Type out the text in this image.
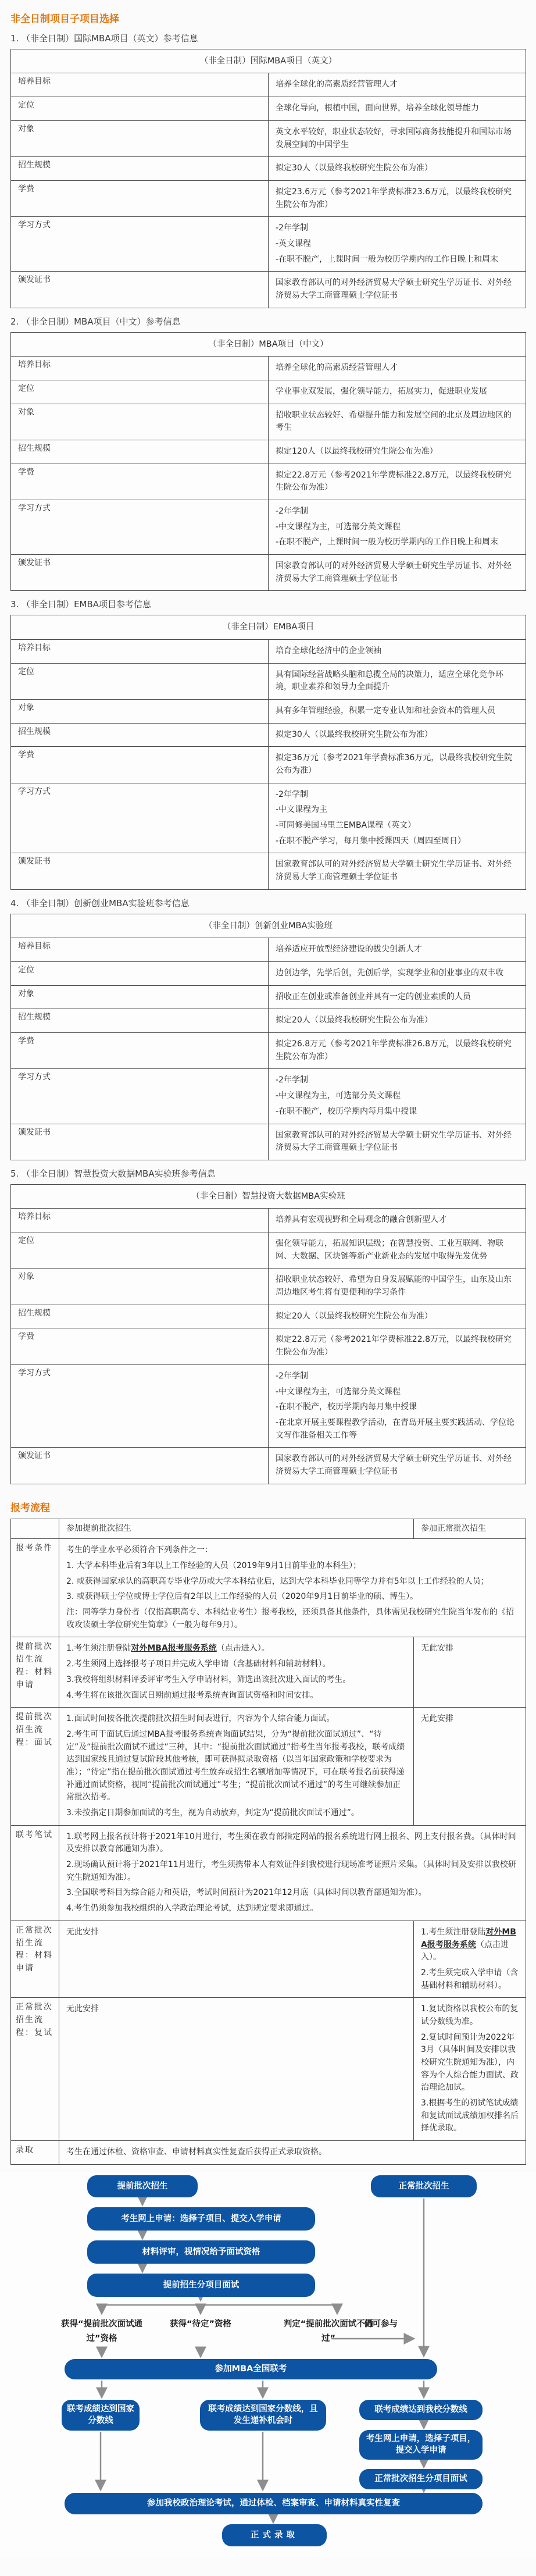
非全日制项目子项目选择
1. （非全日制）国际MBA项目（英文）参考信息
（非全日制）国际MBA项目（英文）	
培养目标	培养全球化的高素质经营管理人才

定位	全球化导向，根植中国，面向世界，培养全球化领导能力

对象	英文水平较好，职业状态较好，寻求国际商务技能提升和国际市场发展空间的中国学生

招生规模	拟定30人（以最终我校研究生院公布为准）

学费	拟定23.6万元（参考2021年学费标准23.6万元，以最终我校研究生院公布为准）

学习方式	-2年学制

-英文课程

-在职不脱产，上课时间一般为校历学期内的工作日晚上和周末

颁发证书	国家教育部认可的对外经济贸易大学硕士研究生学历证书、对外经济贸易大学工商管理硕士学位证书

2. （非全日制）MBA项目（中文）参考信息
（非全日制）MBA项目（中文）	
培养目标	培养全球化的高素质经营管理人才

定位	学业事业双发展，强化领导能力，拓展实力，促进职业发展

对象	招收职业状态较好、希望提升能力和发展空间的北京及周边地区的考生

招生规模	拟定120人（以最终我校研究生院公布为准）

学费	拟定22.8万元（参考2021年学费标准22.8万元，以最终我校研究生院公布为准）

学习方式	-2年学制

-中文课程为主，可选部分英文课程

-在职不脱产，上课时间一般为校历学期内的工作日晚上和周末

颁发证书	国家教育部认可的对外经济贸易大学硕士研究生学历证书、对外经济贸易大学工商管理硕士学位证书

3. （非全日制）EMBA项目参考信息
（非全日制）EMBA项目	
培养目标	培育全球化经济中的企业领袖

定位	具有国际经营战略头脑和总揽全局的决策力，适应全球化竞争环境，职业素养和领导力全面提升

对象	具有多年管理经验，积累一定专业认知和社会资本的管理人员

招生规模	拟定30人（以最终我校研究生院公布为准）

学费	拟定36万元（参考2021年学费标准36万元，以最终我校研究生院公布为准）

学习方式	-2年学制

-中文课程为主

-可同修美国马里兰EMBA课程（英文）

-在职不脱产学习，每月集中授课四天（周四至周日）

颁发证书	国家教育部认可的对外经济贸易大学硕士研究生学历证书、对外经济贸易大学工商管理硕士学位证书

4. （非全日制）创新创业MBA实验班参考信息
（非全日制）创新创业MBA实验班	
培养目标	培养适应开放型经济建设的拔尖创新人才

定位	边创边学，先学后创，先创后学，实现学业和创业事业的双丰收

对象	招收正在创业或准备创业并具有一定的创业素质的人员

招生规模	拟定20人（以最终我校研究生院公布为准）

学费	拟定26.8万元（参考2021年学费标准26.8万元，以最终我校研究生院公布为准）

学习方式	-2年学制

-中文课程为主，可选部分英文课程

-在职不脱产，校历学期内每月集中授课

颁发证书	国家教育部认可的对外经济贸易大学硕士研究生学历证书、对外经济贸易大学工商管理硕士学位证书

5. （非全日制）智慧投资大数据MBA实验班参考信息
（非全日制）智慧投资大数据MBA实验班	
培养目标	培养具有宏观视野和全局观念的融合创新型人才

定位	强化领导能力，拓展知识层级；在智慧投资、工业互联网、物联网、大数据、区块链等新产业新业态的发展中取得先发优势

对象	招收职业状态较好、希望为自身发展赋能的中国学生，山东及山东周边地区考生将有更便利的学习条件

招生规模	拟定20人（以最终我校研究生院公布为准）

学费	拟定22.8万元（参考2021年学费标准22.8万元，以最终我校研究生院公布为准）

学习方式	-2年学制

-中文课程为主，可选部分英文课程

-在职不脱产，校历学期内每月集中授课

-在北京开展主要课程教学活动，在青岛开展主要实践活动、学位论文写作准备相关工作等

颁发证书	国家教育部认可的对外经济贸易大学硕士研究生学历证书、对外经济贸易大学工商管理硕士学位证书

报考流程
	参加提前批次招生	参加正常批次招生
报考条件	考生的学业水平必须符合下列条件之一：

1. 大学本科毕业后有3年以上工作经验的人员（2019年9月1日前毕业的本科生）；

2. 或获得国家承认的高职高专毕业学历或大学本科结业后，达到大学本科毕业同等学力并有5年以上工作经验的人员；

3. 或获得硕士学位或博士学位后有2年以上工作经验的人员（2020年9月1日前毕业的硕、博生）。

注：同等学力身份者（仅指高职高专、本科结业考生）报考我校，还须具备其他条件，具体需见我校研究生院当年发布的《招收攻读硕士学位研究生简章》（一般为每年9月）。	

提前批次招生流程：材料申请	1.考生须注册登陆对外MBA报考服务系统（点击进入）。

2.考生须网上选择报考子项目并完成入学申请（含基础材料和辅助材料）。

3.我校将组织材料评委评审考生入学申请材料，筛选出该批次进入面试的考生。

4.考生将在该批次面试日期前通过报考系统查询面试资格和时间安排。	无此安排

提前批次招生流程：面试	1.面试时间按各批次提前批次招生时间表进行，内容为个人综合能力面试。

2.考生可于面试后通过MBA报考服务系统查询面试结果，分为“提前批次面试通过”、“待定”及“提前批次面试不通过”三种，其中：“提前批次面试通过”指考生当年报考我校，联考成绩达到国家线且通过复试阶段其他考核，即可获得拟录取资格（以当年国家政策和学校要求为准）；“待定”指在提前批次面试通过考生放弃或招生名额增加等情况下，可在联考报名前获得递补通过面试资格，视同“提前批次面试通过”考生；“提前批次面试不通过”的考生可继续参加正常批次招考。

3.未按指定日期参加面试的考生，视为自动放弃，判定为“提前批次面试不通过”。	无此安排

联考笔试	1.联考网上报名预计将于2021年10月进行，考生须在教育部指定网站的报名系统进行网上报名、网上支付报名费。（具体时间及安排以教育部通知为准）。

2.现场确认预计将于2021年11月进行，考生须携带本人有效证件到我校进行现场准考证照片采集。（具体时间及安排以我校研究生院通知为准）。

3.全国联考科目为综合能力和英语，考试时间预计为2021年12月底（具体时间以教育部通知为准）。

4.考生仍须参加我校组织的入学政治理论考试，达到规定要求即通过。	

正常批次招生流程：材料申请	无此安排	1.考生须注册登陆对外MBA报考服务系统（点击进入）。

2.考生须完成入学申请（含基础材料和辅助材料）。

正常批次招生流程：复试	无此安排	1.复试资格以我校公布的复试分数线为准。

2.复试时间预计为2022年3月（具体时间及安排以我校研究生院通知为准），内容为个人综合能力面试、政治理论加试。

3.根据考生的初试笔试成绩和复试面试成绩加权排名后择优录取。

录取	考生在通过体检、资格审查、申请材料真实性复查后获得正式录取资格。	

提前批次招生	正常批次招生
考生网上申请：选择子项目、提交入学申请
材料评审，视情况给予面试资格
提前招生分项目面试
获得“提前批次面试通过”资格
获得“待定”资格	判定“提前批次面试不通过”
仍可参与
参加MBA全国联考
联考成绩达到国家分数线
联考成绩达到国家分数线，且发生递补机会时
联考成绩达到我校分数线
考生网上申请，选择子项目，提交入学申请
正常批次招生分项目面试
参加我校政治理论考试，通过体检、档案审查、申请材料真实性复查
正式录取
